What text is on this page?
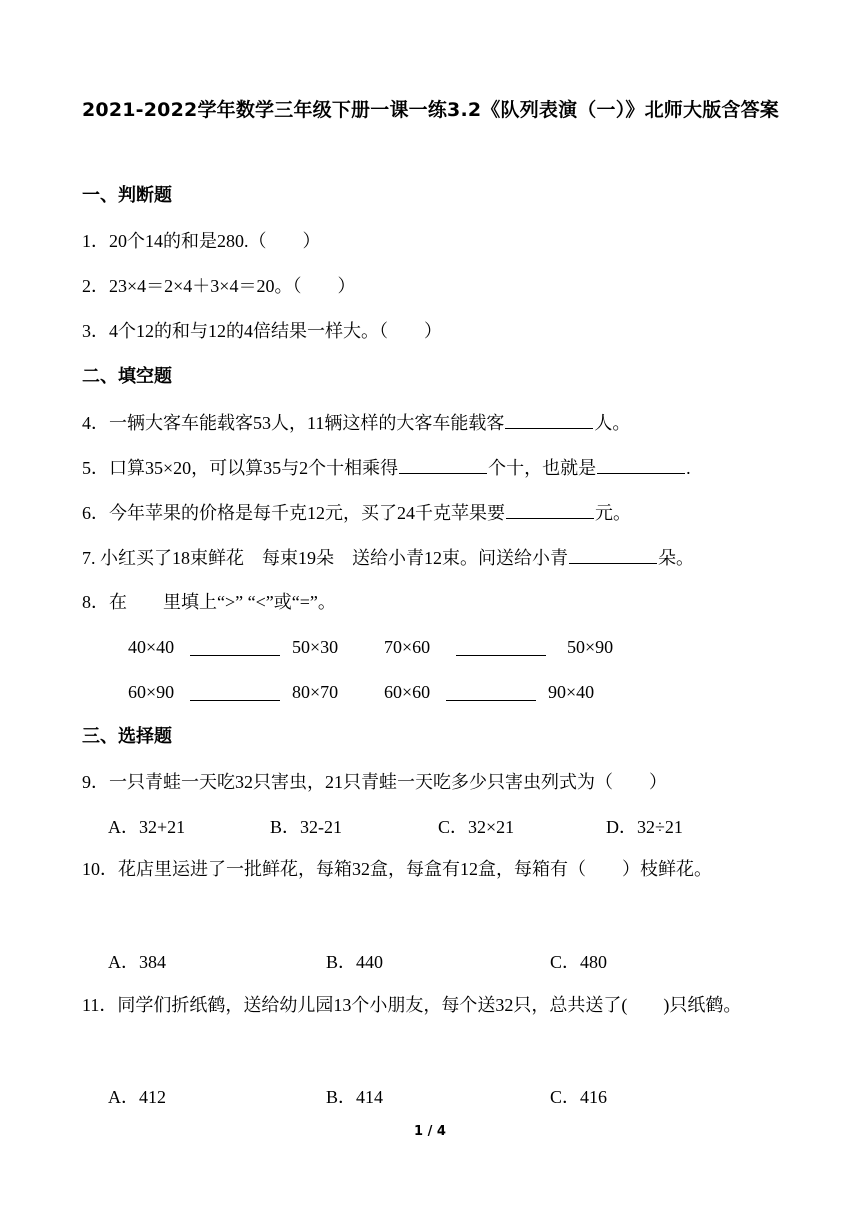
2021-2022学年数学三年级下册一课一练3.2《队列表演（一）》北师大版含答案
一、判断题
1．20个14的和是280.（　　）
2．23×4＝2×4＋3×4＝20。（　　）
3．4个12的和与12的4倍结果一样大。（　　）
二、填空题
4．一辆大客车能载客53人，11辆这样的大客车能载客	人。
5．口算35×20，可以算35与2个十相乘得	个十，也就是	.
6．今年苹果的价格是每千克12元，买了24千克苹果要	元。
7. 小红买了18束鲜花　每束19朵　送给小青12束。问送给小青	朵。
8．在　　里填上“>” “<”或“=”。
40×40	50×30	70×60	50×90
60×90	80×70	60×60	90×40
三、选择题
9．一只青蛙一天吃32只害虫，21只青蛙一天吃多少只害虫列式为（　　）
A．32+21	B．32-21	C．32×21	D．32÷21
10．花店里运进了一批鲜花，每箱32盒，每盒有12盒，每箱有（　　）枝鲜花。
A．384	B．440	C．480
11．同学们折纸鹤，送给幼儿园13个小朋友，每个送32只，总共送了(　　)只纸鹤。
A．412	B．414	C．416
1 / 4
